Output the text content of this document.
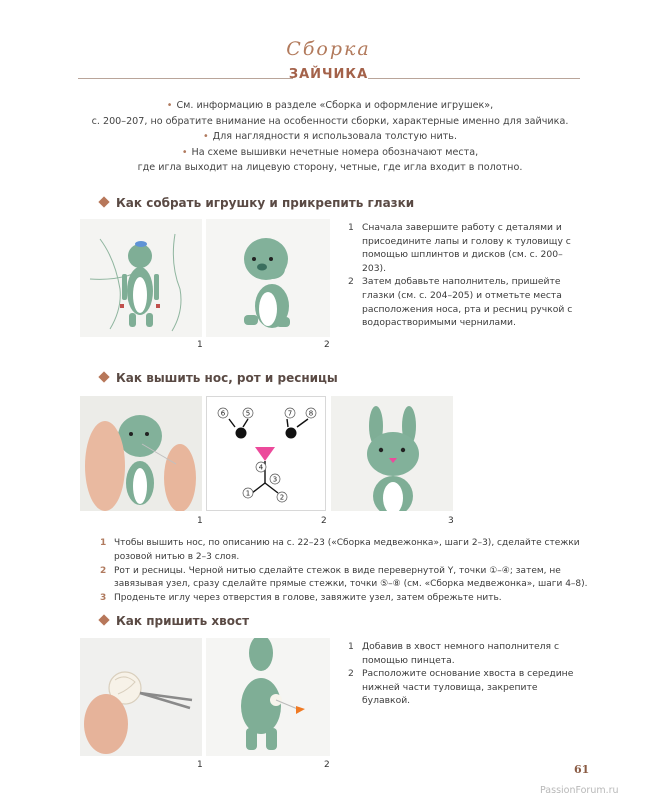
Сборка
ЗАЙЧИКА
• См. информацию в разделе «Сборка и оформление игрушек»,
с. 200–207, но обратите внимание на особенности сборки, характерные именно для зайчика.
• Для наглядности я использовала толстую нить.
• На схеме вышивки нечетные номера обозначают места,
где игла выходит на лицевую сторону, четные, где игла входит в полотно.
Как собрать игрушку и прикрепить глазки
1	2
1 Сначала завершите работу с деталями и присоедините лапы и голову к туловищу с помощью шплинтов и дисков (см. с. 200–203).
2 Затем добавьте наполнитель, пришейте глазки (см. с. 204–205) и отметьте места расположения носа, рта и ресниц ручкой с водорастворимыми чернилами.
Как вышить нос, рот и ресницы
6	5	7 8
4
3
1	2
1	2	3
1 Чтобы вышить нос, по описанию на с. 22–23 («Сборка медвежонка», шаги 2–3), сделайте стежки розовой нитью в 2–3 слоя.
2 Рот и ресницы. Черной нитью сделайте стежок в виде перевернутой Y, точки ①–④; затем, не завязывая узел, сразу сделайте прямые стежки, точки ⑤–⑧ (см. «Сборка медвежонка», шаги 4–8).
3 Проденьте иглу через отверстия в голове, завяжите узел, затем обрежьте нить.
Как пришить хвост
1	2
1 Добавив в хвост немного наполнителя с помощью пинцета.
2 Расположите основание хвоста в середине нижней части туловища, закрепите булавкой.
61
PassionForum.ru
